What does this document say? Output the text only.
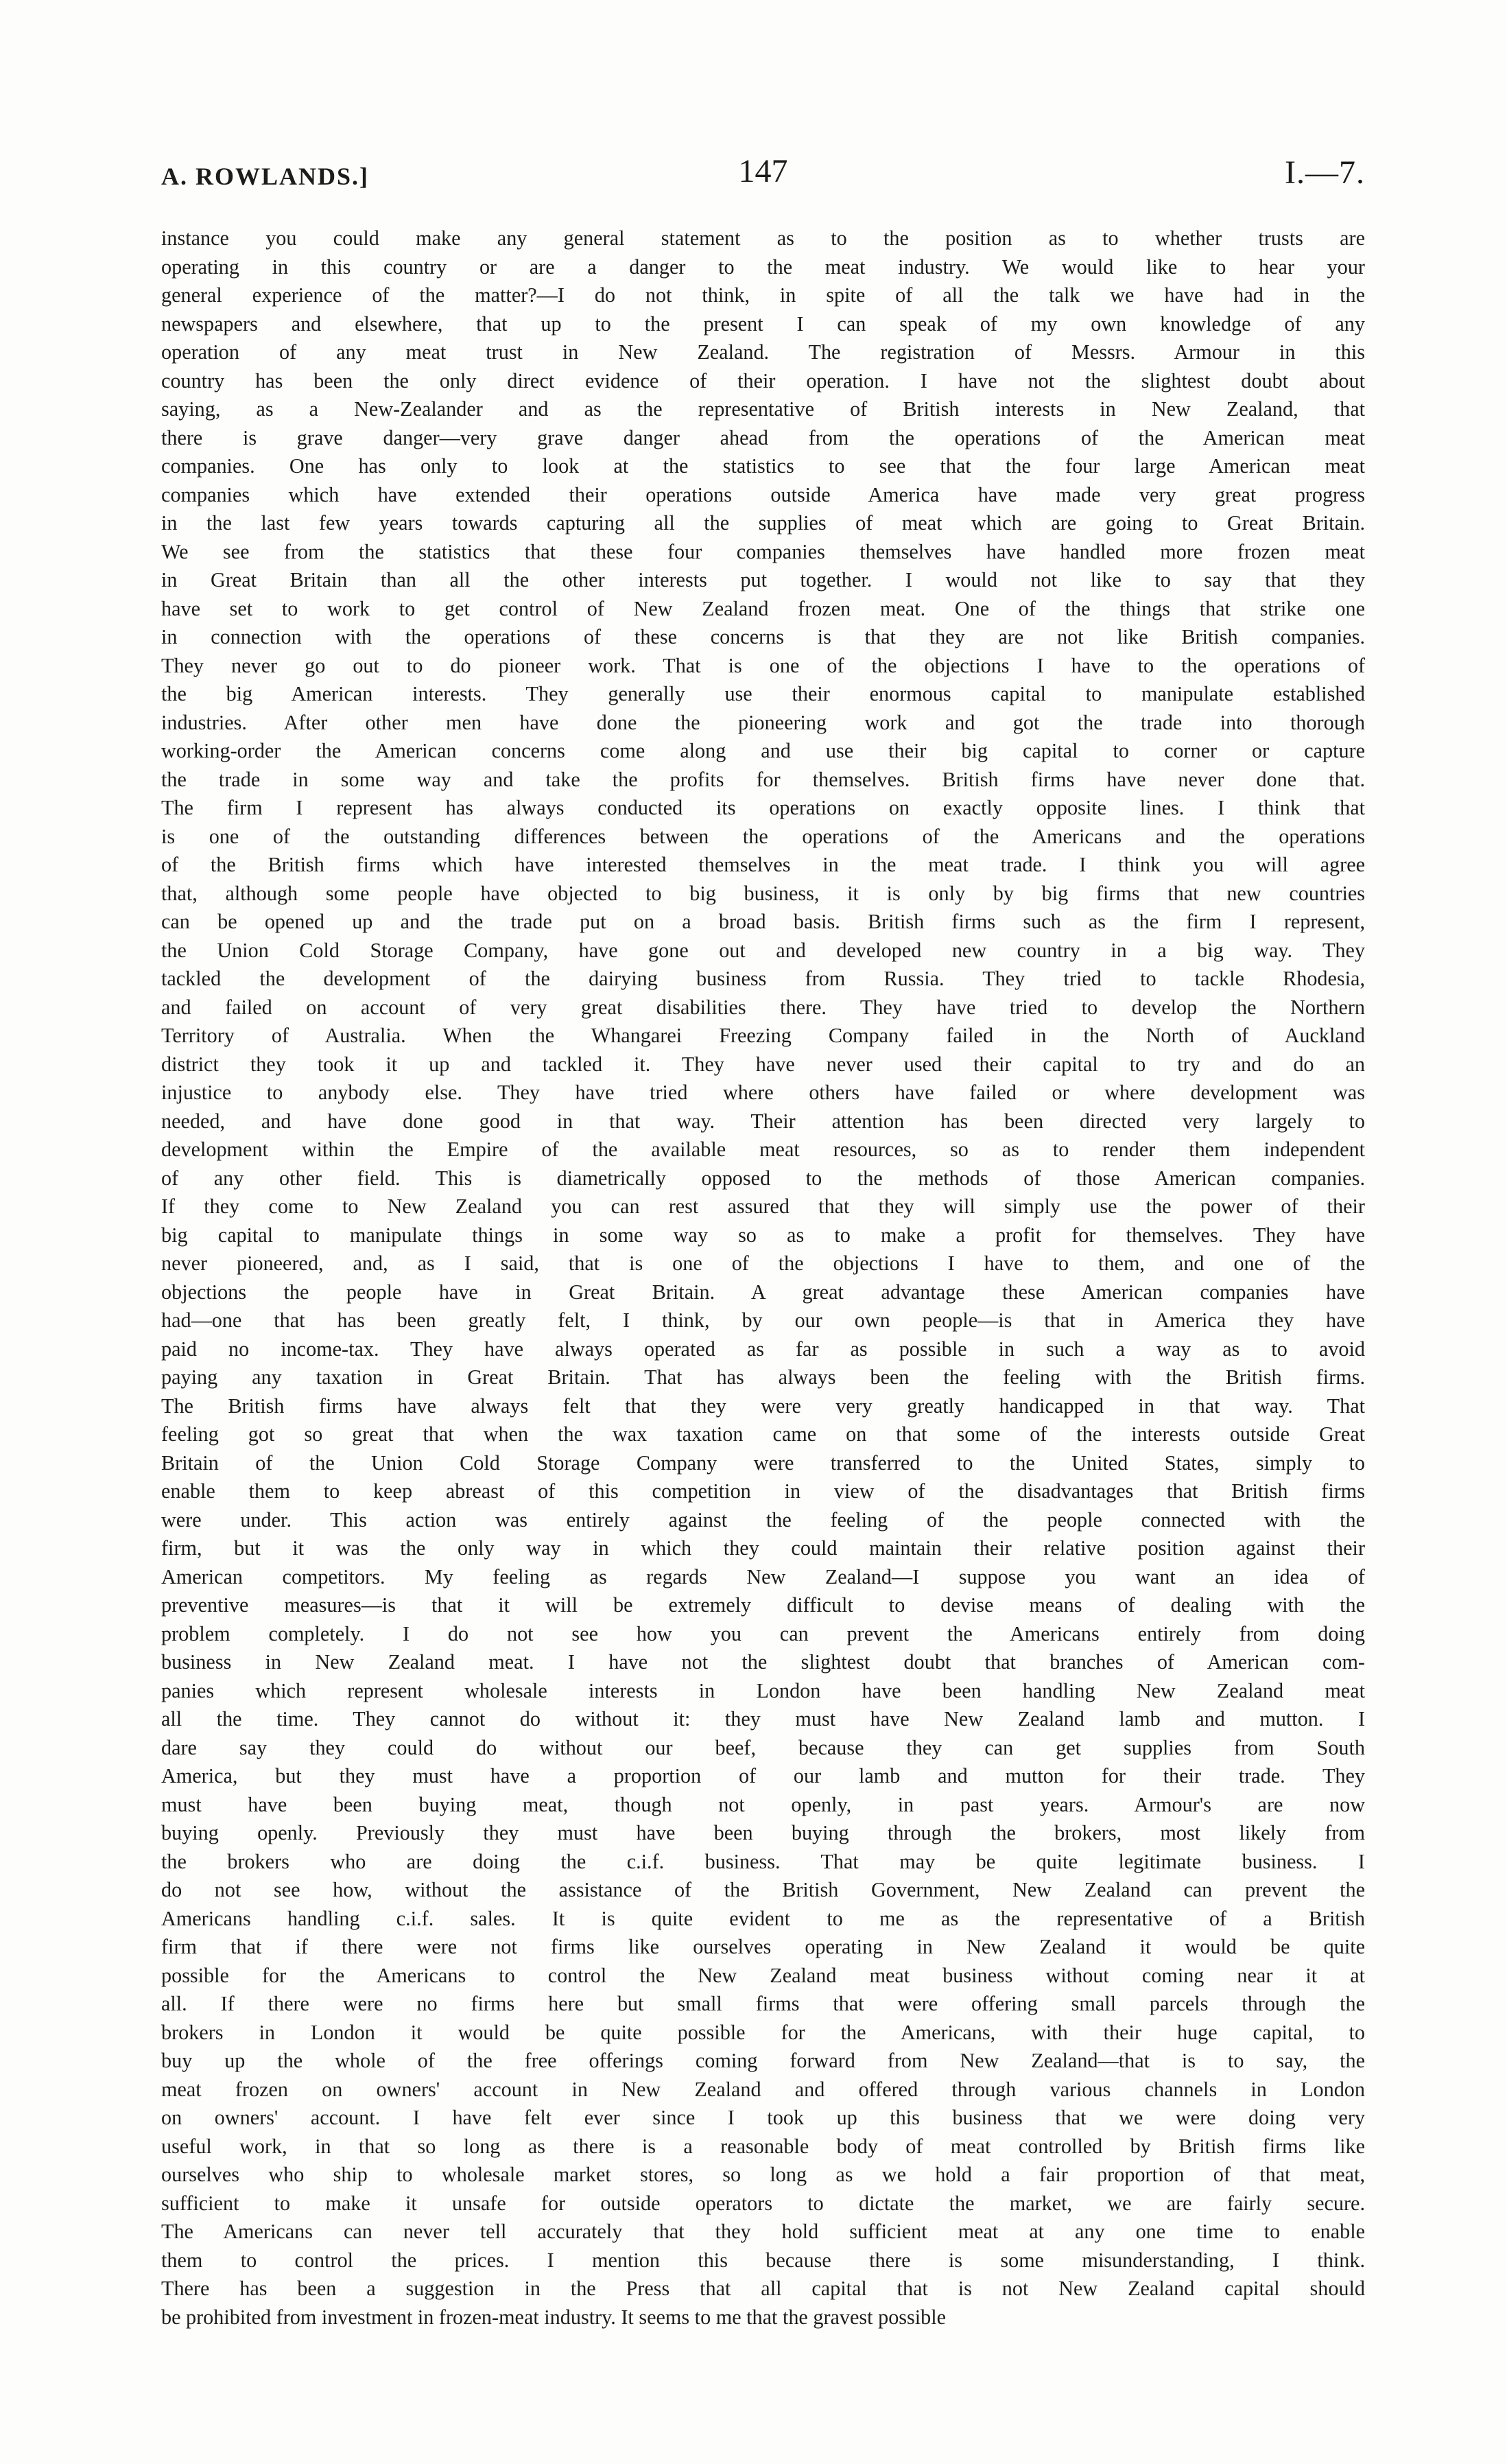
A. ROWLANDS.]	147	I.—7.
instance you could make any general statement as to the position as to whether trusts are
operating in this country or are a danger to the meat industry. We would like to hear your
general experience of the matter?—I do not think, in spite of all the talk we have had in the
newspapers and elsewhere, that up to the present I can speak of my own knowledge of any
operation of any meat trust in New Zealand. The registration of Messrs. Armour in this
country has been the only direct evidence of their operation. I have not the slightest doubt about
saying, as a New-Zealander and as the representative of British interests in New Zealand, that
there is grave danger—very grave danger ahead from the operations of the American meat
companies. One has only to look at the statistics to see that the four large American meat
companies which have extended their operations outside America have made very great progress
in the last few years towards capturing all the supplies of meat which are going to Great Britain.
We see from the statistics that these four companies themselves have handled more frozen meat
in Great Britain than all the other interests put together. I would not like to say that they
have set to work to get control of New Zealand frozen meat. One of the things that strike one
in connection with the operations of these concerns is that they are not like British companies.
They never go out to do pioneer work. That is one of the objections I have to the operations of
the big American interests. They generally use their enormous capital to manipulate established
industries. After other men have done the pioneering work and got the trade into thorough
working-order the American concerns come along and use their big capital to corner or capture
the trade in some way and take the profits for themselves. British firms have never done that.
The firm I represent has always conducted its operations on exactly opposite lines. I think that
is one of the outstanding differences between the operations of the Americans and the operations
of the British firms which have interested themselves in the meat trade. I think you will agree
that, although some people have objected to big business, it is only by big firms that new countries
can be opened up and the trade put on a broad basis. British firms such as the firm I represent,
the Union Cold Storage Company, have gone out and developed new country in a big way. They
tackled the development of the dairying business from Russia. They tried to tackle Rhodesia,
and failed on account of very great disabilities there. They have tried to develop the Northern
Territory of Australia. When the Whangarei Freezing Company failed in the North of Auckland
district they took it up and tackled it. They have never used their capital to try and do an
injustice to anybody else. They have tried where others have failed or where development was
needed, and have done good in that way. Their attention has been directed very largely to
development within the Empire of the available meat resources, so as to render them independent
of any other field. This is diametrically opposed to the methods of those American companies.
If they come to New Zealand you can rest assured that they will simply use the power of their
big capital to manipulate things in some way so as to make a profit for themselves. They have
never pioneered, and, as I said, that is one of the objections I have to them, and one of the
objections the people have in Great Britain. A great advantage these American companies have
had—one that has been greatly felt, I think, by our own people—is that in America they have
paid no income-tax. They have always operated as far as possible in such a way as to avoid
paying any taxation in Great Britain. That has always been the feeling with the British firms.
The British firms have always felt that they were very greatly handicapped in that way. That
feeling got so great that when the wax taxation came on that some of the interests outside Great
Britain of the Union Cold Storage Company were transferred to the United States, simply to
enable them to keep abreast of this competition in view of the disadvantages that British firms
were under. This action was entirely against the feeling of the people connected with the
firm, but it was the only way in which they could maintain their relative position against their
American competitors. My feeling as regards New Zealand—I suppose you want an idea of
preventive measures—is that it will be extremely difficult to devise means of dealing with the
problem completely. I do not see how you can prevent the Americans entirely from doing
business in New Zealand meat. I have not the slightest doubt that branches of American com-
panies which represent wholesale interests in London have been handling New Zealand meat
all the time. They cannot do without it: they must have New Zealand lamb and mutton. I
dare say they could do without our beef, because they can get supplies from South
America, but they must have a proportion of our lamb and mutton for their trade. They
must have been buying meat, though not openly, in past years. Armour's are now
buying openly. Previously they must have been buying through the brokers, most likely from
the brokers who are doing the c.i.f. business. That may be quite legitimate business. I
do not see how, without the assistance of the British Government, New Zealand can prevent the
Americans handling c.i.f. sales. It is quite evident to me as the representative of a British
firm that if there were not firms like ourselves operating in New Zealand it would be quite
possible for the Americans to control the New Zealand meat business without coming near it at
all. If there were no firms here but small firms that were offering small parcels through the
brokers in London it would be quite possible for the Americans, with their huge capital, to
buy up the whole of the free offerings coming forward from New Zealand—that is to say, the
meat frozen on owners' account in New Zealand and offered through various channels in London
on owners' account. I have felt ever since I took up this business that we were doing very
useful work, in that so long as there is a reasonable body of meat controlled by British firms like
ourselves who ship to wholesale market stores, so long as we hold a fair proportion of that meat,
sufficient to make it unsafe for outside operators to dictate the market, we are fairly secure.
The Americans can never tell accurately that they hold sufficient meat at any one time to enable
them to control the prices. I mention this because there is some misunderstanding, I think.
There has been a suggestion in the Press that all capital that is not New Zealand capital should
be prohibited from investment in frozen-meat industry. It seems to me that the gravest possible
